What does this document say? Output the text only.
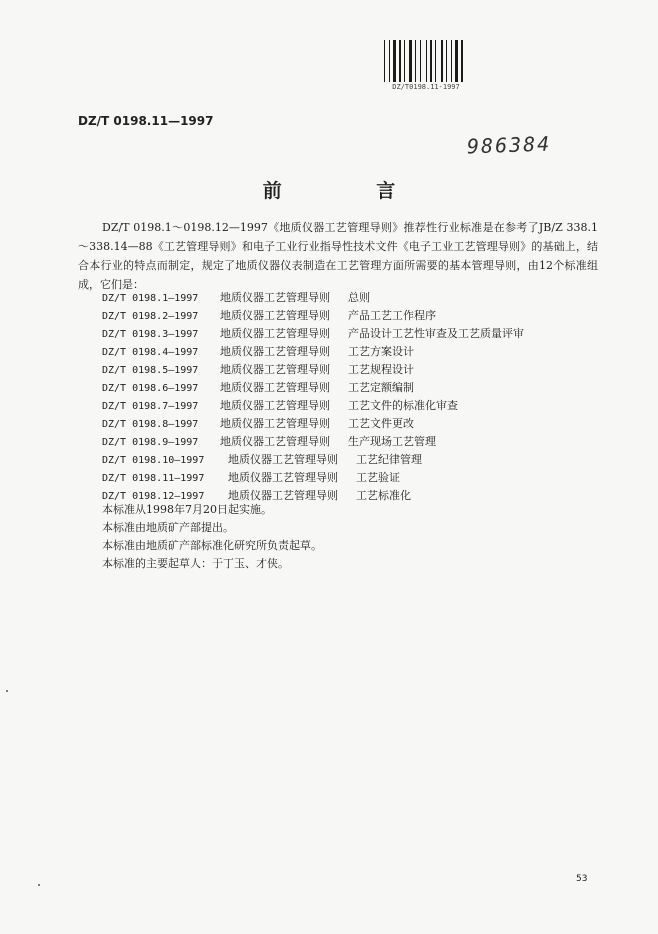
DZ/T0198.11-1997
DZ/T 0198.11—1997
986384
前 言

DZ/T 0198.1～0198.12—1997《地质仪器工艺管理导则》推荐性行业标准是在参考了JB/Z 338.1～338.14—88《工艺管理导则》和电子工业行业指导性技术文件《电子工业工艺管理导则》的基础上，结合本行业的特点而制定，规定了地质仪器仪表制造在工艺管理方面所需要的基本管理导则，由12个标准组成，它们是：

DZ/T 0198.1—1997 地质仪器工艺管理导则 总则
DZ/T 0198.2—1997 地质仪器工艺管理导则 产品工艺工作程序
DZ/T 0198.3—1997 地质仪器工艺管理导则 产品设计工艺性审查及工艺质量评审
DZ/T 0198.4—1997 地质仪器工艺管理导则 工艺方案设计
DZ/T 0198.5—1997 地质仪器工艺管理导则 工艺规程设计
DZ/T 0198.6—1997 地质仪器工艺管理导则 工艺定额编制
DZ/T 0198.7—1997 地质仪器工艺管理导则 工艺文件的标准化审查
DZ/T 0198.8—1997 地质仪器工艺管理导则 工艺文件更改
DZ/T 0198.9—1997 地质仪器工艺管理导则 生产现场工艺管理
DZ/T 0198.10—1997 地质仪器工艺管理导则 工艺纪律管理
DZ/T 0198.11—1997 地质仪器工艺管理导则 工艺验证
DZ/T 0198.12—1997 地质仪器工艺管理导则 工艺标准化

本标准从1998年7月20日起实施。

本标准由地质矿产部提出。

本标准由地质矿产部标准化研究所负责起草。

本标准的主要起草人：于丁玉、才侠。

53
